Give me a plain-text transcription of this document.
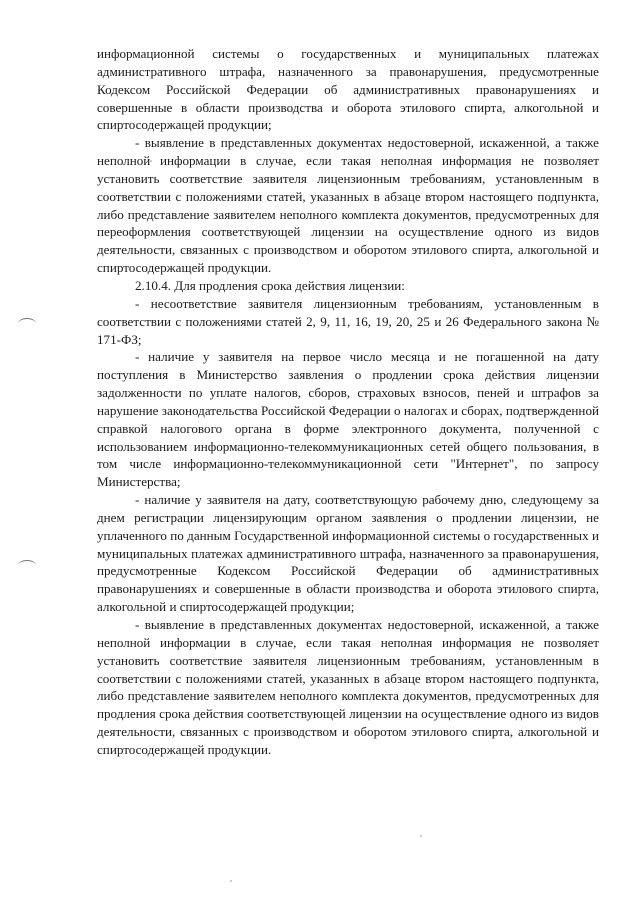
информационной системы о государственных и муниципальных платежах административного штрафа, назначенного за правонарушения, предусмотренные Кодексом Российской Федерации об административных правонарушениях и совершенные в области производства и оборота этилового спирта, алкогольной и спиртосодержащей продукции;

- выявление в представленных документах недостоверной, искаженной, а также неполной информации в случае, если такая неполная информация не позволяет установить соответствие заявителя лицензионным требованиям, установленным в соответствии с положениями статей, указанных в абзаце втором настоящего подпункта, либо представление заявителем неполного комплекта документов, предусмотренных для переоформления соответствующей лицензии на осуществление одного из видов деятельности, связанных с производством и оборотом этилового спирта, алкогольной и спиртосодержащей продукции.

2.10.4. Для продления срока действия лицензии:

- несоответствие заявителя лицензионным требованиям, установленным в соответствии с положениями статей 2, 9, 11, 16, 19, 20, 25 и 26 Федерального закона № 171-ФЗ;

- наличие у заявителя на первое число месяца и не погашенной на дату поступления в Министерство заявления о продлении срока действия лицензии задолженности по уплате налогов, сборов, страховых взносов, пеней и штрафов за нарушение законодательства Российской Федерации о налогах и сборах, подтвержденной справкой налогового органа в форме электронного документа, полученной с использованием информационно-телекоммуникационных сетей общего пользования, в том числе информационно-телекоммуникационной сети "Интернет", по запросу Министерства;

- наличие у заявителя на дату, соответствующую рабочему дню, следующему за днем регистрации лицензирующим органом заявления о продлении лицензии, не уплаченного по данным Государственной информационной системы о государственных и муниципальных платежах административного штрафа, назначенного за правонарушения, предусмотренные Кодексом Российской Федерации об административных правонарушениях и совершенные в области производства и оборота этилового спирта, алкогольной и спиртосодержащей продукции;

- выявление в представленных документах недостоверной, искаженной, а также неполной информации в случае, если такая неполная информация не позволяет установить соответствие заявителя лицензионным требованиям, установленным в соответствии с положениями статей, указанных в абзаце втором настоящего подпункта, либо представление заявителем неполного комплекта документов, предусмотренных для продления срока действия соответствующей лицензии на осуществление одного из видов деятельности, связанных с производством и оборотом этилового спирта, алкогольной и спиртосодержащей продукции.
